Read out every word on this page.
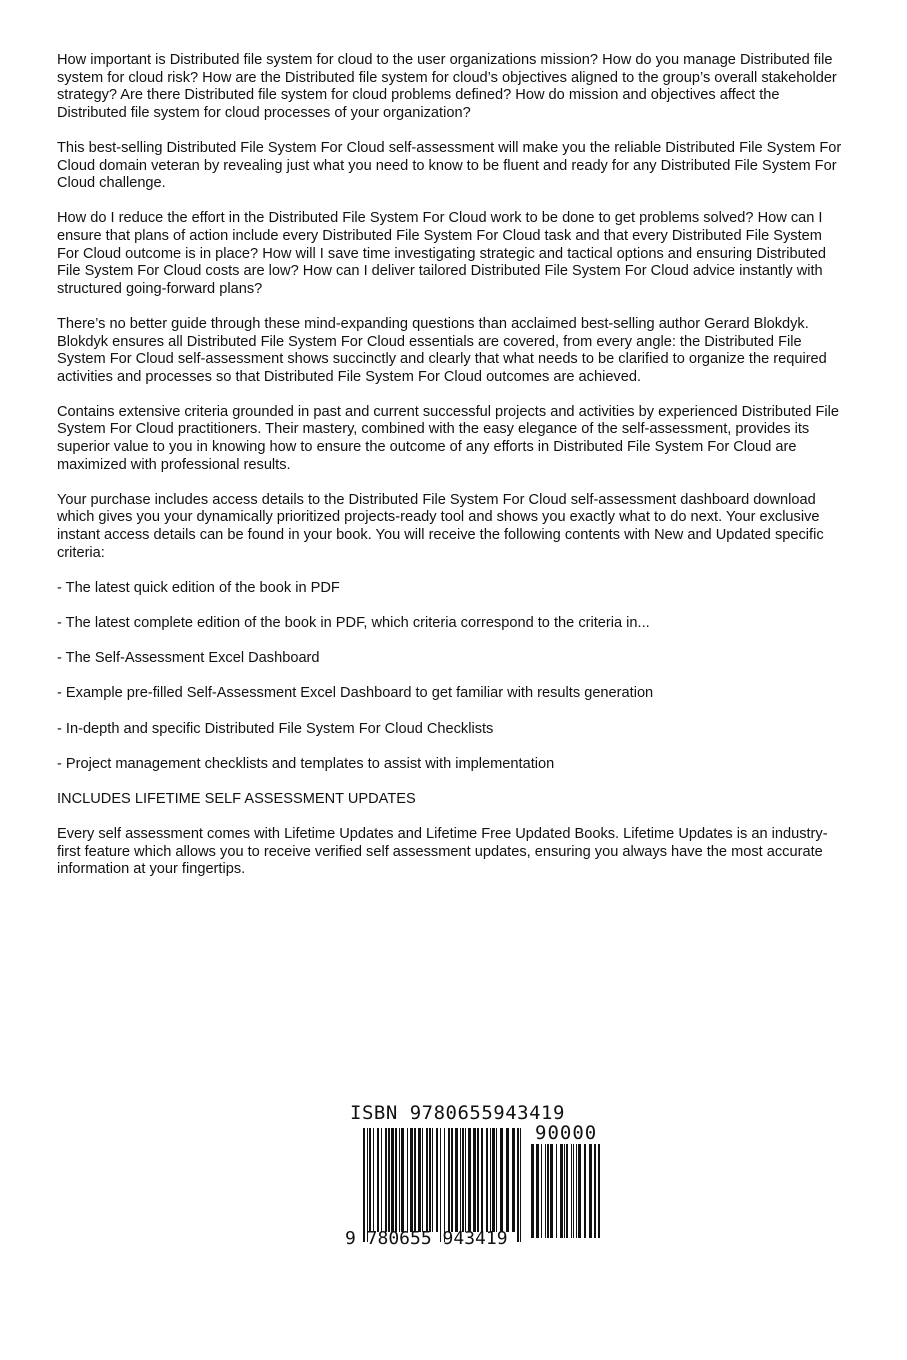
How important is Distributed file system for cloud to the user organizations mission? How do you manage Distributed file system for cloud risk? How are the Distributed file system for cloud’s objectives aligned to the group’s overall stakeholder strategy? Are there Distributed file system for cloud problems defined? How do mission and objectives affect the Distributed file system for cloud processes of your organization?

This best-selling Distributed File System For Cloud self-assessment will make you the reliable Distributed File System For Cloud domain veteran by revealing just what you need to know to be fluent and ready for any Distributed File System For Cloud challenge.

How do I reduce the effort in the Distributed File System For Cloud work to be done to get problems solved? How can I ensure that plans of action include every Distributed File System For Cloud task and that every Distributed File System For Cloud outcome is in place? How will I save time investigating strategic and tactical options and ensuring Distributed File System For Cloud costs are low? How can I deliver tailored Distributed File System For Cloud advice instantly with structured going-forward plans?

There’s no better guide through these mind-expanding questions than acclaimed best-selling author Gerard Blokdyk. Blokdyk ensures all Distributed File System For Cloud essentials are covered, from every angle: the Distributed File System For Cloud self-assessment shows succinctly and clearly that what needs to be clarified to organize the required activities and processes so that Distributed File System For Cloud outcomes are achieved.

Contains extensive criteria grounded in past and current successful projects and activities by experienced Distributed File System For Cloud practitioners. Their mastery, combined with the easy elegance of the self-assessment, provides its superior value to you in knowing how to ensure the outcome of any efforts in Distributed File System For Cloud are maximized with professional results.

Your purchase includes access details to the Distributed File System For Cloud self-assessment dashboard download which gives you your dynamically prioritized projects-ready tool and shows you exactly what to do next. Your exclusive instant access details can be found in your book. You will receive the following contents with New and Updated specific criteria:

- The latest quick edition of the book in PDF

- The latest complete edition of the book in PDF, which criteria correspond to the criteria in...

- The Self-Assessment Excel Dashboard

- Example pre-filled Self-Assessment Excel Dashboard to get familiar with results generation

- In-depth and specific Distributed File System For Cloud Checklists

- Project management checklists and templates to assist with implementation

INCLUDES LIFETIME SELF ASSESSMENT UPDATES

Every self assessment comes with Lifetime Updates and Lifetime Free Updated Books. Lifetime Updates is an industry-first feature which allows you to receive verified self assessment updates, ensuring you always have the most accurate information at your fingertips.

ISBN 9780655943419
90000
9 780655 943419
